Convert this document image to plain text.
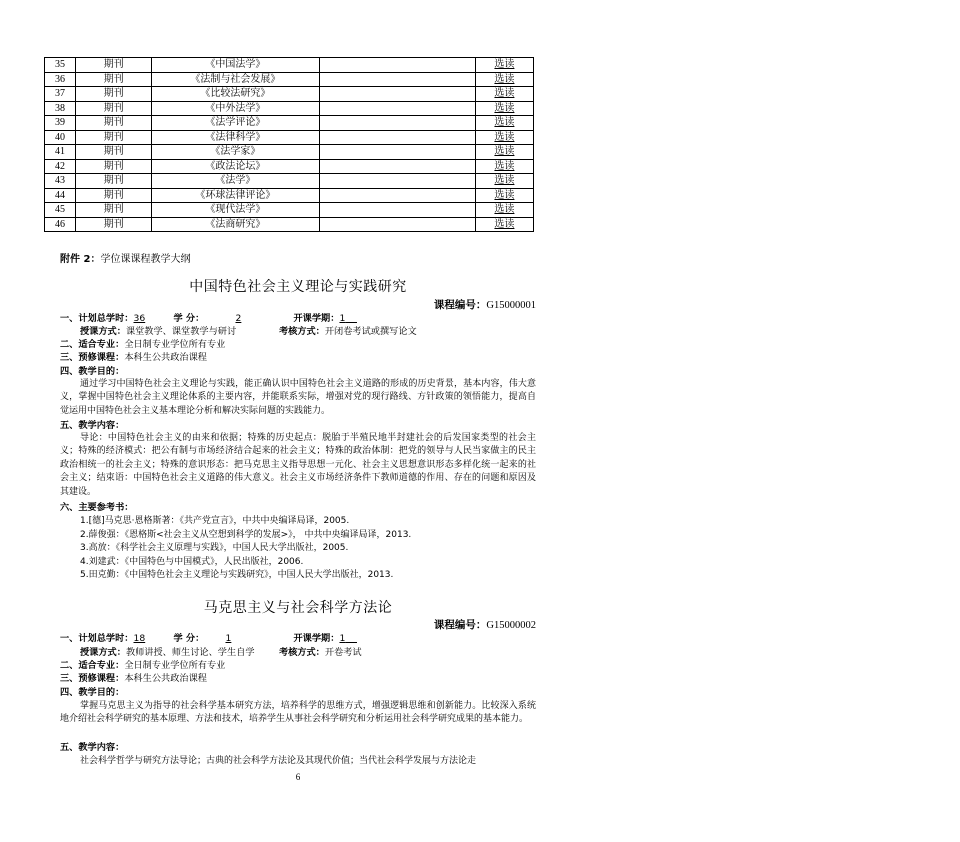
35	期刊	《中国法学》		选读
36	期刊	《法制与社会发展》		选读
37	期刊	《比较法研究》		选读
38	期刊	《中外法学》		选读
39	期刊	《法学评论》		选读
40	期刊	《法律科学》		选读
41	期刊	《法学家》		选读
42	期刊	《政法论坛》		选读
43	期刊	《法学》		选读
44	期刊	《环球法律评论》		选读
45	期刊	《现代法学》		选读
46	期刊	《法商研究》		选读
附件 2：学位课课程教学大纲
中国特色社会主义理论与实践研究
课程编号：G15000001
一、计划总学时：36	学 分：	2	开课学期：1
授课方式：课堂教学、课堂教学与研讨	考核方式：开闭卷考试或撰写论文
二、适合专业：全日制专业学位所有专业
三、预修课程：本科生公共政治课程
四、教学目的：
通过学习中国特色社会主义理论与实践，能正确认识中国特色社会主义道路的形成的历史背景，基本内容，伟大意义，掌握中国特色社会主义理论体系的主要内容，并能联系实际，增强对党的现行路线、方针政策的领悟能力，提高自觉运用中国特色社会主义基本理论分析和解决实际问题的实践能力。
五、教学内容：
导论：中国特色社会主义的由来和依据；特殊的历史起点：脱胎于半殖民地半封建社会的后发国家类型的社会主义；特殊的经济模式：把公有制与市场经济结合起来的社会主义；特殊的政治体制：把党的领导与人民当家做主的民主政治相统一的社会主义；特殊的意识形态：把马克思主义指导思想一元化、社会主义思想意识形态多样化统一起来的社会主义；结束语：中国特色社会主义道路的伟大意义。社会主义市场经济条件下教师道德的作用、存在的问题和原因及其建设。
六、主要参考书：
1.[德]马克思·恩格斯著：《共产党宣言》，中共中央编译局译，2005.
2.薛俊强：《恩格斯<社会主义从空想到科学的发展>》， 中共中央编译局译，2013.
3.高放：《科学社会主义原理与实践》，中国人民大学出版社，2005.
4.刘建武：《中国特色与中国模式》，人民出版社，2006.
5.田克勤：《中国特色社会主义理论与实践研究》，中国人民大学出版社，2013.
马克思主义与社会科学方法论
课程编号：G15000002
一、计划总学时：18	学 分： 1	开课学期：1
授课方式：教师讲授、师生讨论、学生自学	考核方式：开卷考试
二、适合专业：全日制专业学位所有专业
三、预修课程：本科生公共政治课程
四、教学目的：
掌握马克思主义为指导的社会科学基本研究方法，培养科学的思维方式，增强逻辑思维和创新能力。比较深入系统地介绍社会科学研究的基本原理、方法和技术，培养学生从事社会科学研究和分析运用社会科学研究成果的基本能力。
五、教学内容：
社会科学哲学与研究方法导论；古典的社会科学方法论及其现代价值；当代社会科学发展与方法论走
6
